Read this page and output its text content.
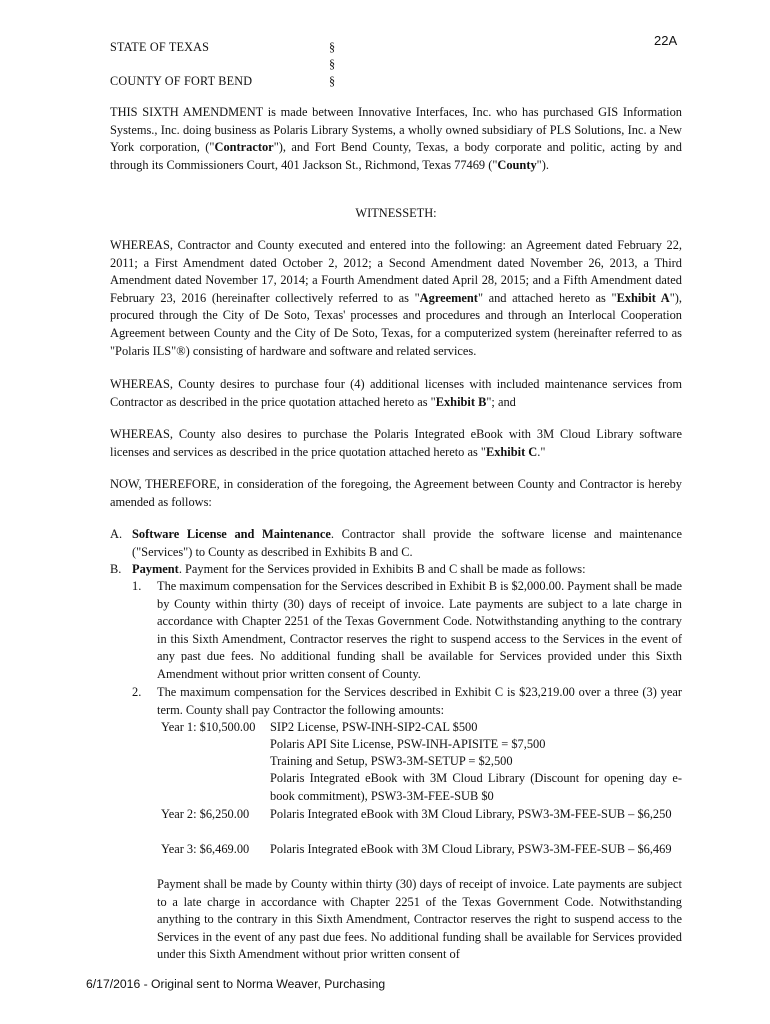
22A
STATE OF TEXAS	§
§
COUNTY OF FORT BEND	§

THIS SIXTH AMENDMENT is made between Innovative Interfaces, Inc. who has purchased GIS Information Systems., Inc. doing business as Polaris Library Systems, a wholly owned subsidiary of PLS Solutions, Inc. a New York corporation, ("Contractor"), and Fort Bend County, Texas, a body corporate and politic, acting by and through its Commissioners Court, 401 Jackson St., Richmond, Texas 77469 ("County").

WITNESSETH:

WHEREAS, Contractor and County executed and entered into the following: an Agreement dated February 22, 2011; a First Amendment dated October 2, 2012; a Second Amendment dated November 26, 2013, a Third Amendment dated November 17, 2014; a Fourth Amendment dated April 28, 2015; and a Fifth Amendment dated February 23, 2016 (hereinafter collectively referred to as "Agreement" and attached hereto as "Exhibit A"), procured through the City of De Soto, Texas' processes and procedures and through an Interlocal Cooperation Agreement between County and the City of De Soto, Texas, for a computerized system (hereinafter referred to as "Polaris ILS"®) consisting of hardware and software and related services.

WHEREAS, County desires to purchase four (4) additional licenses with included maintenance services from Contractor as described in the price quotation attached hereto as "Exhibit B"; and

WHEREAS, County also desires to purchase the Polaris Integrated eBook with 3M Cloud Library software licenses and services as described in the price quotation attached hereto as "Exhibit C."

NOW, THEREFORE, in consideration of the foregoing, the Agreement between County and Contractor is hereby amended as follows:

A. Software License and Maintenance. Contractor shall provide the software license and maintenance ("Services") to County as described in Exhibits B and C.

B. Payment. Payment for the Services provided in Exhibits B and C shall be made as follows:

1. The maximum compensation for the Services described in Exhibit B is $2,000.00. Payment shall be made by County within thirty (30) days of receipt of invoice. Late payments are subject to a late charge in accordance with Chapter 2251 of the Texas Government Code. Notwithstanding anything to the contrary in this Sixth Amendment, Contractor reserves the right to suspend access to the Services in the event of any past due fees. No additional funding shall be available for Services provided under this Sixth Amendment without prior written consent of County.

2. The maximum compensation for the Services described in Exhibit C is $23,219.00 over a three (3) year term. County shall pay Contractor the following amounts:

Year 1: $10,500.00 SIP2 License, PSW-INH-SIP2-CAL $500
Polaris API Site License, PSW-INH-APISITE = $7,500
Training and Setup, PSW3-3M-SETUP = $2,500

Polaris Integrated eBook with 3M Cloud Library (Discount for opening day e-book commitment), PSW3-3M-FEE-SUB $0

Year 2: $6,250.00 Polaris Integrated eBook with 3M Cloud Library, PSW3-3M-FEE-SUB – $6,250

Year 3: $6,469.00 Polaris Integrated eBook with 3M Cloud Library, PSW3-3M-FEE-SUB – $6,469

Payment shall be made by County within thirty (30) days of receipt of invoice. Late payments are subject to a late charge in accordance with Chapter 2251 of the Texas Government Code. Notwithstanding anything to the contrary in this Sixth Amendment, Contractor reserves the right to suspend access to the Services in the event of any past due fees. No additional funding shall be available for Services provided under this Sixth Amendment without prior written consent of

6/17/2016 - Original sent to Norma Weaver, Purchasing
